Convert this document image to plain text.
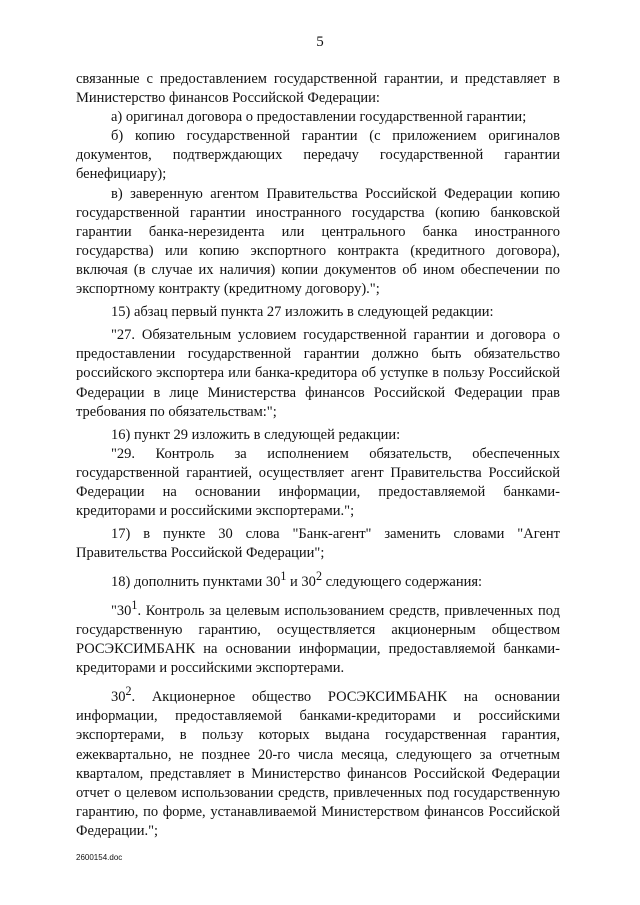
5

связанные с предоставлением государственной гарантии, и представляет в Министерство финансов Российской Федерации:

а) оригинал договора о предоставлении государственной гарантии;

б) копию государственной гарантии (с приложением оригиналов документов, подтверждающих передачу государственной гарантии бенефициару);

в) заверенную агентом Правительства Российской Федерации копию государственной гарантии иностранного государства (копию банковской гарантии банка-нерезидента или центрального банка иностранного государства) или копию экспортного контракта (кредитного договора), включая (в случае их наличия) копии документов об ином обеспечении по экспортному контракту (кредитному договору).";

15) абзац первый пункта 27 изложить в следующей редакции:

"27. Обязательным условием государственной гарантии и договора о предоставлении государственной гарантии должно быть обязательство российского экспортера или банка-кредитора об уступке в пользу Российской Федерации в лице Министерства финансов Российской Федерации прав требования по обязательствам:";

16) пункт 29 изложить в следующей редакции:

"29. Контроль за исполнением обязательств, обеспеченных государственной гарантией, осуществляет агент Правительства Российской Федерации на основании информации, предоставляемой банками-кредиторами и российскими экспортерами.";

17) в пункте 30 слова "Банк-агент" заменить словами "Агент Правительства Российской Федерации";

18) дополнить пунктами $30^1$ и $30^2$ следующего содержания:

"$30^1$. Контроль за целевым использованием средств, привлеченных под государственную гарантию, осуществляется акционерным обществом РОСЭКСИМБАНК на основании информации, предоставляемой банками-кредиторами и российскими экспортерами.

$30^2$. Акционерное общество РОСЭКСИМБАНК на основании информации, предоставляемой банками-кредиторами и российскими экспортерами, в пользу которых выдана государственная гарантия, ежеквартально, не позднее 20-го числа месяца, следующего за отчетным кварталом, представляет в Министерство финансов Российской Федерации отчет о целевом использовании средств, привлеченных под государственную гарантию, по форме, устанавливаемой Министерством финансов Российской Федерации.";

2600154.doc
